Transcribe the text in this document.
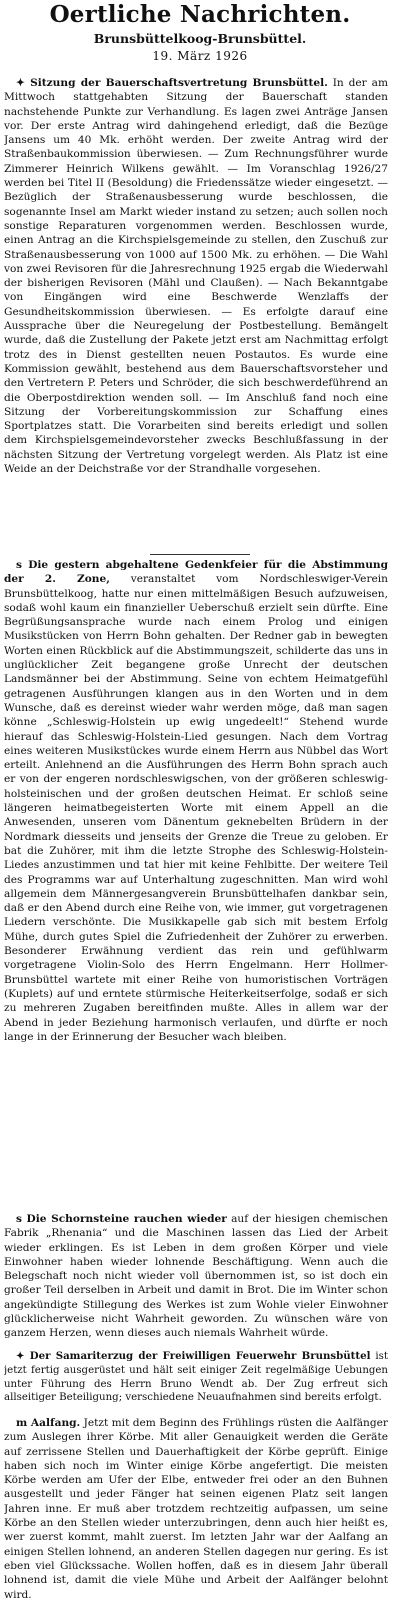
Oertliche Nachrichten.
Brunsbüttelkoog-Brunsbüttel.
19. März 1926

✦ Sitzung der Bauerschaftsvertretung Brunsbüttel. In der am Mittwoch stattgehabten Sitzung der Bauerschaft standen nachstehende Punkte zur Verhandlung. Es lagen zwei Anträge Jansen vor. Der erste Antrag wird dahingehend erledigt, daß die Bezüge Jansens um 40 Mk. erhöht werden. Der zweite Antrag wird der Straßenbaukommission überwiesen. — Zum Rechnungsführer wurde Zimmerer Heinrich Wilkens gewählt. — Im Voranschlag 1926/27 werden bei Titel II (Besoldung) die Friedenssätze wieder eingesetzt. — Bezüglich der Straßenausbesserung wurde beschlossen, die sogenannte Insel am Markt wieder instand zu setzen; auch sollen noch sonstige Reparaturen vorgenommen werden. Beschlossen wurde, einen Antrag an die Kirchspielsgemeinde zu stellen, den Zuschuß zur Straßenausbesserung von 1000 auf 1500 Mk. zu erhöhen. — Die Wahl von zwei Revisoren für die Jahresrechnung 1925 ergab die Wiederwahl der bisherigen Revisoren (Mähl und Claußen). — Nach Bekanntgabe von Eingängen wird eine Beschwerde Wenzlaffs der Gesundheitskommission überwiesen. — Es erfolgte darauf eine Aussprache über die Neuregelung der Postbestellung. Bemängelt wurde, daß die Zustellung der Pakete jetzt erst am Nachmittag erfolgt trotz des in Dienst gestellten neuen Postautos. Es wurde eine Kommission gewählt, bestehend aus dem Bauerschaftsvorsteher und den Vertretern P. Peters und Schröder, die sich beschwerdeführend an die Oberpostdirektion wenden soll. — Im Anschluß fand noch eine Sitzung der Vorbereitungskommission zur Schaffung eines Sportplatzes statt. Die Vorarbeiten sind bereits erledigt und sollen dem Kirchspielsgemeindevorsteher zwecks Beschlußfassung in der nächsten Sitzung der Vertretung vorgelegt werden. Als Platz ist eine Weide an der Deichstraße vor der Strandhalle vorgesehen.

s Die gestern abgehaltene Gedenkfeier für die Abstimmung der 2. Zone, veranstaltet vom Nordschleswiger-Verein Brunsbüttelkoog, hatte nur einen mittelmäßigen Besuch aufzuweisen, sodaß wohl kaum ein finanzieller Ueberschuß erzielt sein dürfte. Eine Begrüßungsansprache wurde nach einem Prolog und einigen Musikstücken von Herrn Bohn gehalten. Der Redner gab in bewegten Worten einen Rückblick auf die Abstimmungszeit, schilderte das uns in unglücklicher Zeit begangene große Unrecht der deutschen Landsmänner bei der Abstimmung. Seine von echtem Heimatgefühl getragenen Ausführungen klangen aus in den Worten und in dem Wunsche, daß es dereinst wieder wahr werden möge, daß man sagen könne „Schleswig-Holstein up ewig ungedeelt!“ Stehend wurde hierauf das Schleswig-Holstein-Lied gesungen. Nach dem Vortrag eines weiteren Musikstückes wurde einem Herrn aus Nübbel das Wort erteilt. Anlehnend an die Ausführungen des Herrn Bohn sprach auch er von der engeren nordschleswigschen, von der größeren schleswig-holsteinischen und der großen deutschen Heimat. Er schloß seine längeren heimatbegeisterten Worte mit einem Appell an die Anwesenden, unseren vom Dänentum geknebelten Brüdern in der Nordmark diesseits und jenseits der Grenze die Treue zu geloben. Er bat die Zuhörer, mit ihm die letzte Strophe des Schleswig-Holstein-Liedes anzustimmen und tat hier mit keine Fehlbitte. Der weitere Teil des Programms war auf Unterhaltung zugeschnitten. Man wird wohl allgemein dem Männergesangverein Brunsbüttelhafen dankbar sein, daß er den Abend durch eine Reihe von, wie immer, gut vorgetragenen Liedern verschönte. Die Musikkapelle gab sich mit bestem Erfolg Mühe, durch gutes Spiel die Zufriedenheit der Zuhörer zu erwerben. Besonderer Erwähnung verdient das rein und gefühlwarm vorgetragene Violin-Solo des Herrn Engelmann. Herr Hollmer-Brunsbüttel wartete mit einer Reihe von humoristischen Vorträgen (Kuplets) auf und erntete stürmische Heiterkeitserfolge, sodaß er sich zu mehreren Zugaben bereitfinden mußte. Alles in allem war der Abend in jeder Beziehung harmonisch verlaufen, und dürfte er noch lange in der Erinnerung der Besucher wach bleiben.

s Die Schornsteine rauchen wieder auf der hiesigen chemischen Fabrik „Rhenania“ und die Maschinen lassen das Lied der Arbeit wieder erklingen. Es ist Leben in dem großen Körper und viele Einwohner haben wieder lohnende Beschäftigung. Wenn auch die Belegschaft noch nicht wieder voll übernommen ist, so ist doch ein großer Teil derselben in Arbeit und damit in Brot. Die im Winter schon angekündigte Stillegung des Werkes ist zum Wohle vieler Einwohner glücklicherweise nicht Wahrheit geworden. Zu wünschen wäre von ganzem Herzen, wenn dieses auch niemals Wahrheit würde.

✦ Der Samariterzug der Freiwilligen Feuerwehr Brunsbüttel ist jetzt fertig ausgerüstet und hält seit einiger Zeit regelmäßige Uebungen unter Führung des Herrn Bruno Wendt ab. Der Zug erfreut sich allseitiger Beteiligung; verschiedene Neuaufnahmen sind bereits erfolgt.

m Aalfang. Jetzt mit dem Beginn des Frühlings rüsten die Aalfänger zum Auslegen ihrer Körbe. Mit aller Genauigkeit werden die Geräte auf zerrissene Stellen und Dauerhaftigkeit der Körbe geprüft. Einige haben sich noch im Winter einige Körbe angefertigt. Die meisten Körbe werden am Ufer der Elbe, entweder frei oder an den Buhnen ausgestellt und jeder Fänger hat seinen eigenen Platz seit langen Jahren inne. Er muß aber trotzdem rechtzeitig aufpassen, um seine Körbe an den Stellen wieder unterzubringen, denn auch hier heißt es, wer zuerst kommt, mahlt zuerst. Im letzten Jahr war der Aalfang an einigen Stellen lohnend, an anderen Stellen dagegen nur gering. Es ist eben viel Glückssache. Wollen hoffen, daß es in diesem Jahr überall lohnend ist, damit die viele Mühe und Arbeit der Aalfänger belohnt wird.
